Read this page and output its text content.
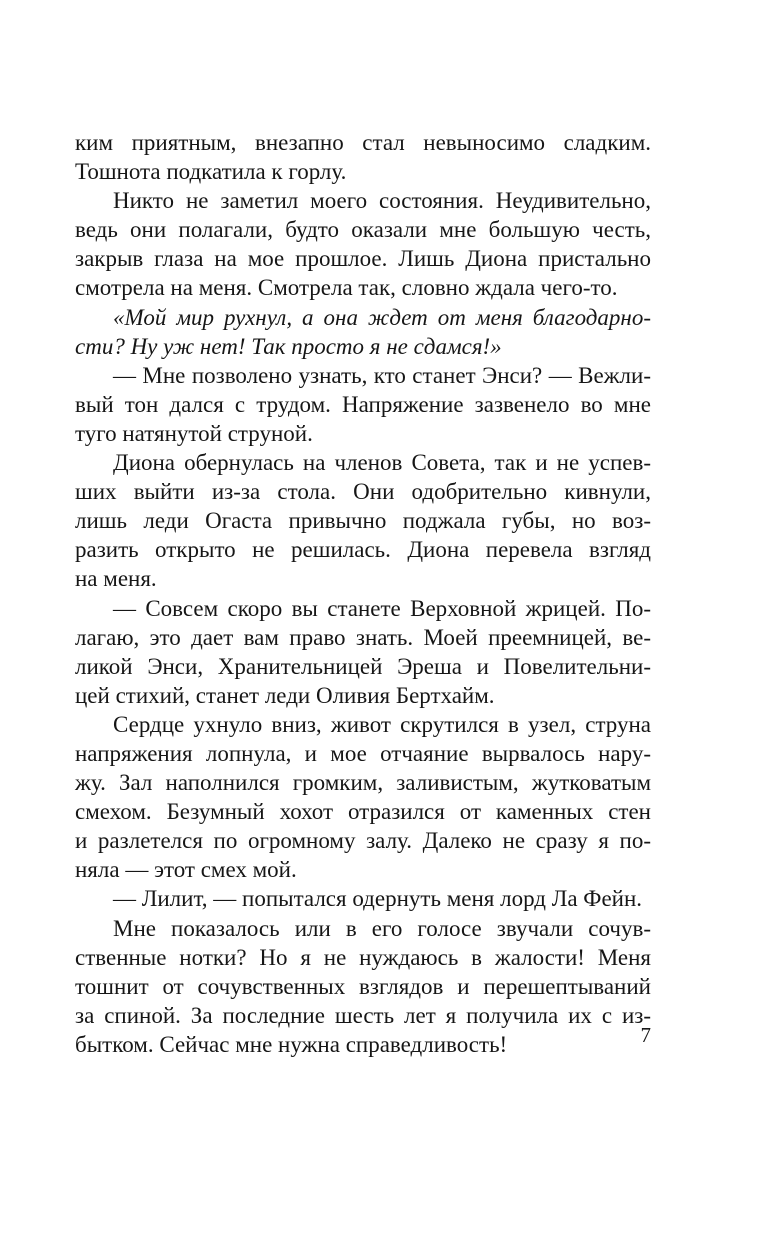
ким приятным, внезапно стал невыносимо сладким.
Тошнота подкатила к горлу.
Никто не заметил моего состояния. Неудивительно,
ведь они полагали, будто оказали мне большую честь,
закрыв глаза на мое прошлое. Лишь Диона пристально
смотрела на меня. Смотрела так, словно ждала чего-то.
«Мой мир рухнул, а она ждет от меня благодарно-
сти? Ну уж нет! Так просто я не сдамся!»
— Мне позволено узнать, кто станет Энси? — Вежли-
вый тон дался с трудом. Напряжение зазвенело во мне
туго натянутой струной.
Диона обернулась на членов Совета, так и не успев-
ших выйти из-за стола. Они одобрительно кивнули,
лишь леди Огаста привычно поджала губы, но воз-
разить открыто не решилась. Диона перевела взгляд
на меня.
— Совсем скоро вы станете Верховной жрицей. По-
лагаю, это дает вам право знать. Моей преемницей, ве-
ликой Энси, Хранительницей Эреша и Повелительни-
цей стихий, станет леди Оливия Бертхайм.
Сердце ухнуло вниз, живот скрутился в узел, струна
напряжения лопнула, и мое отчаяние вырвалось нару-
жу. Зал наполнился громким, заливистым, жутковатым
смехом. Безумный хохот отразился от каменных стен
и разлетелся по огромному залу. Далеко не сразу я по-
няла — этот смех мой.
— Лилит, — попытался одернуть меня лорд Ла Фейн.
Мне показалось или в его голосе звучали сочув-
ственные нотки? Но я не нуждаюсь в жалости! Меня
тошнит от сочувственных взглядов и перешептываний
за спиной. За последние шесть лет я получила их с из-
бытком. Сейчас мне нужна справедливость!	7
